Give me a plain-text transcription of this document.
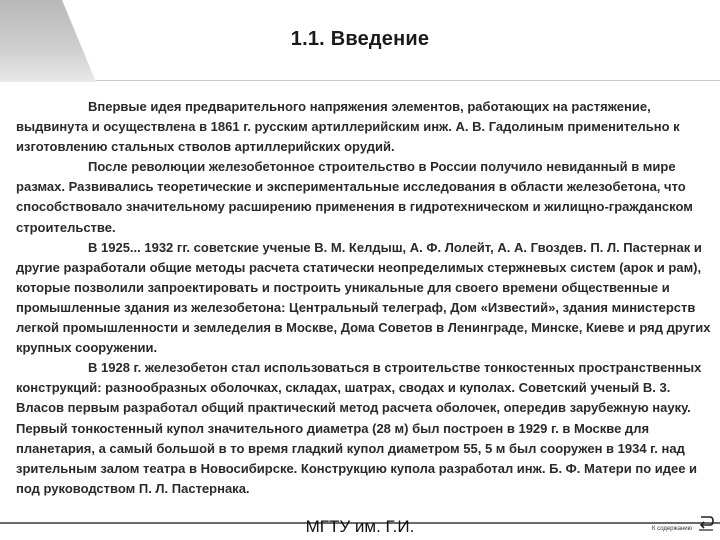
1.1. Введение

Впервые идея предварительного напряжения элементов, работающих на растяжение, выдвинута и осуществлена в 1861 г. русским артиллерийским инж. А. В. Гадолиным применительно к изготовлению стальных стволов артиллерийских орудий.

После революции железобетонное строительство в России получило невиданный в мире размах. Развивались теоретические и экспериментальные исследования в области железобетона, что способствовало значительному расширению применения в гидротехническом и жилищно-гражданском строительстве.

В 1925... 1932 гг. советские ученые В. М. Келдыш, А. Ф. Лолейт, А. А. Гвоздев. П. Л. Пастернак и другие разработали общие методы расчета статически неопределимых стержневых систем (арок и рам), которые позволили запроектировать и построить уникальные для своего времени общественные и промышленные здания из железобетона: Центральный телеграф, Дом «Известий», здания министерств легкой промышленности и земледелия в Москве, Дома Советов в Ленинграде, Минске, Киеве и ряд других крупных сооружении.

В 1928 г. железобетон стал использоваться в строительстве тонкостенных пространственных конструкций: разнообразных оболочках, складах, шатрах, сводах и куполах. Советский ученый В. 3. Власов первым разработал общий практический метод расчета оболочек, опередив зарубежную науку. Первый тонкостенный купол значительного диаметра (28 м) был построен в 1929 г. в Москве для планетария, а самый большой в то время гладкий купол диаметром 55, 5 м был сооружен в 1934 г. над зрительным залом театра в Новосибирске. Конструкцию купола разработал инж. Б. Ф. Матери по идее и под руководством П. Л. Пастернака.

МГТУ им. Г.И.	К содержанию
